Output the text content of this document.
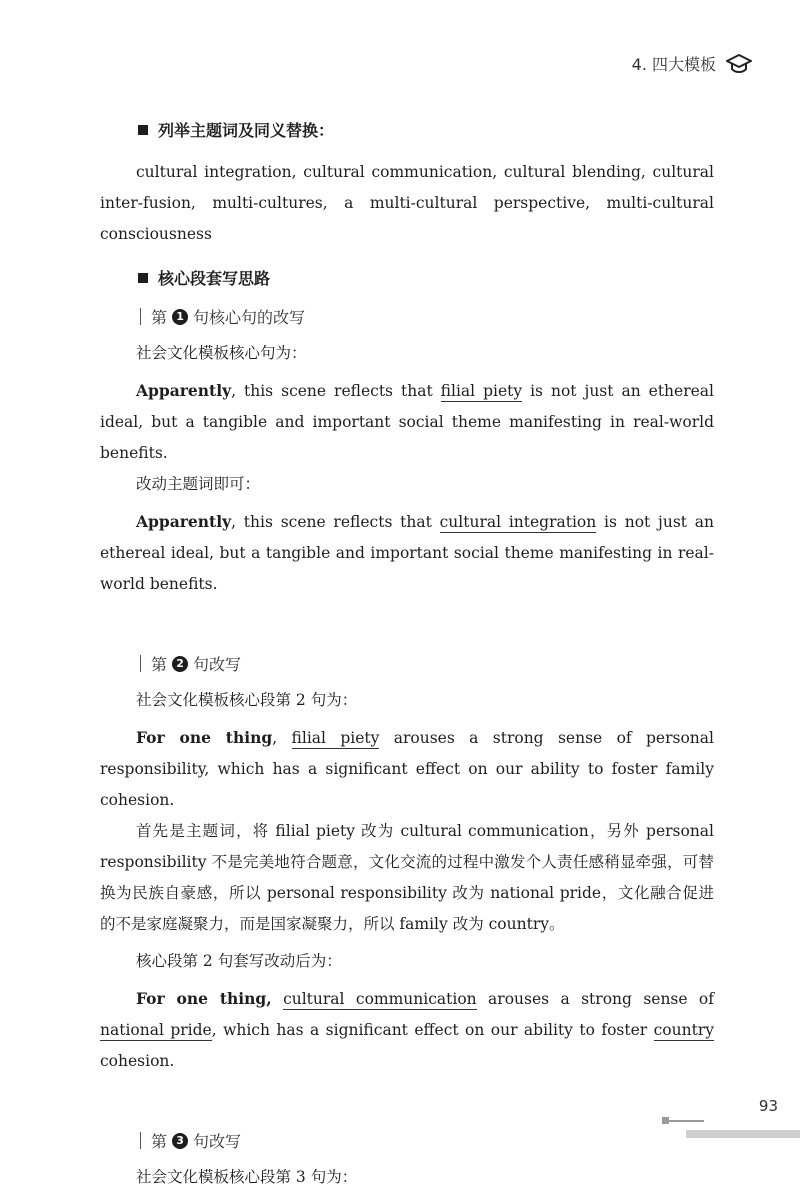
4. 四大模板
列举主题词及同义替换：

cultural integration, cultural communication, cultural blending, cultural inter-fusion, multi-cultures, a multi-cultural perspective, multi-cultural consciousness

核心段套写思路
第 1 句核心句的改写

社会文化模板核心句为：

Apparently, this scene reflects that filial piety is not just an ethereal ideal, but a tangible and important social theme manifesting in real-world benefits.

改动主题词即可：

Apparently, this scene reflects that cultural integration is not just an ethereal ideal, but a tangible and important social theme manifesting in real-world benefits.

第 2 句改写

社会文化模板核心段第 2 句为：

For one thing, filial piety arouses a strong sense of personal responsibility, which has a significant effect on our ability to foster family cohesion.

首先是主题词，将 filial piety 改为 cultural communication，另外 personal responsibility 不是完美地符合题意，文化交流的过程中激发个人责任感稍显牵强，可替换为民族自豪感，所以 personal responsibility 改为 national pride，文化融合促进的不是家庭凝聚力，而是国家凝聚力，所以 family 改为 country。

核心段第 2 句套写改动后为：

For one thing, cultural communication arouses a strong sense of national pride, which has a significant effect on our ability to foster country cohesion.

第 3 句改写

社会文化模板核心段第 3 句为：

93
